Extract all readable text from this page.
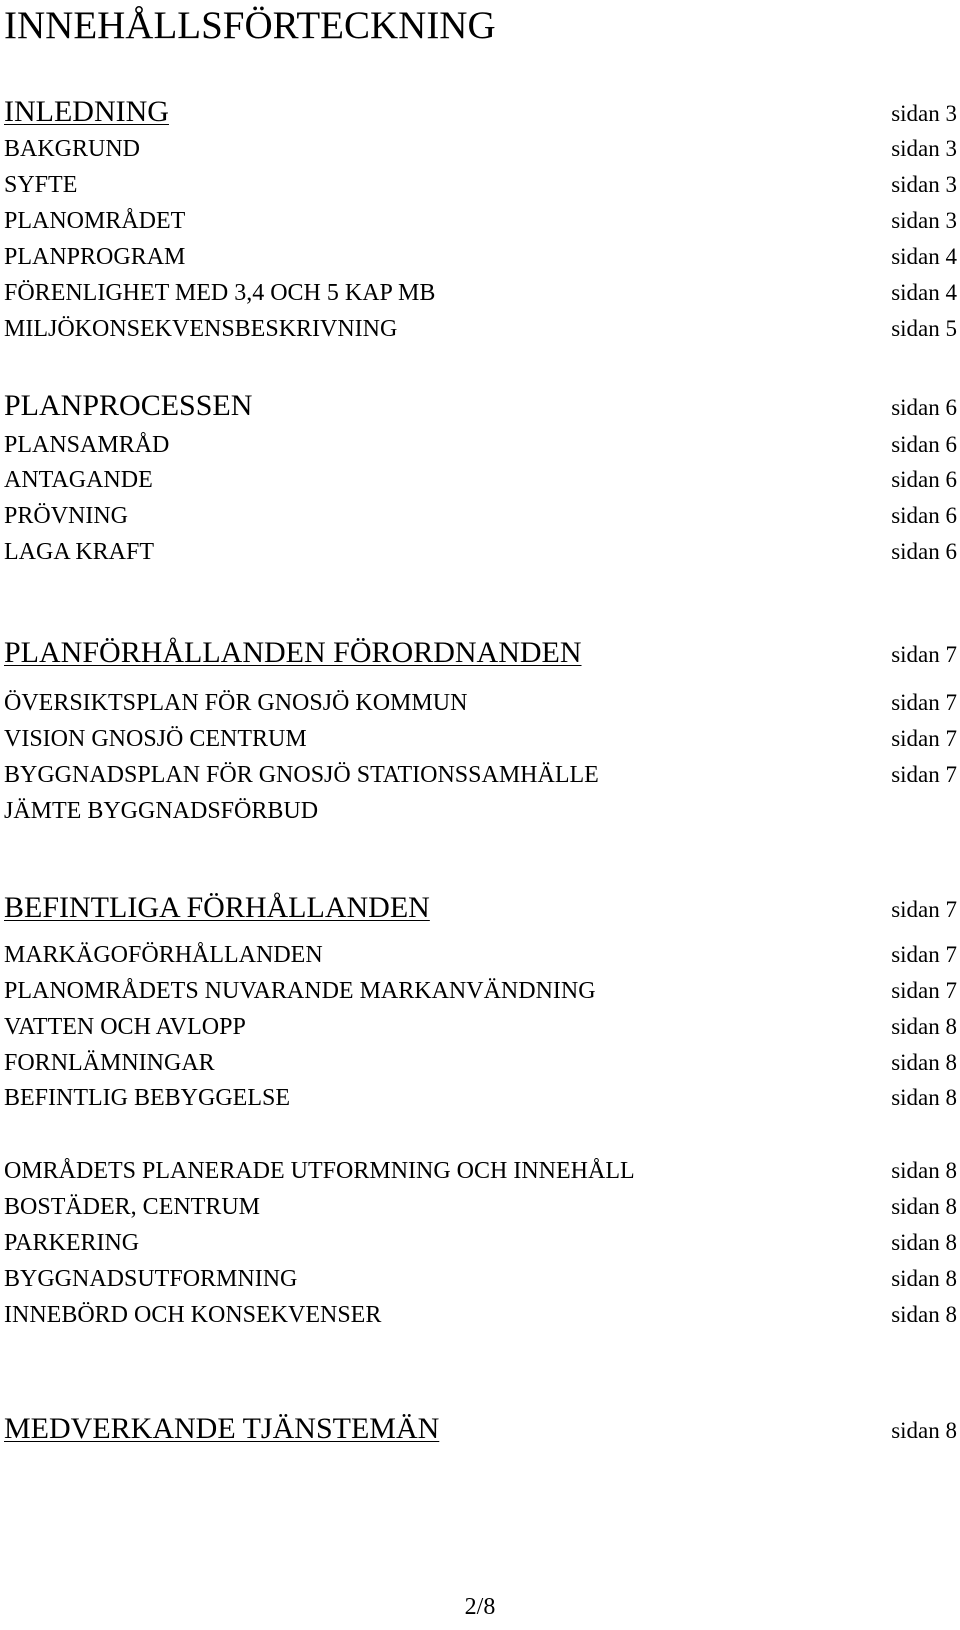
INNEHÅLLSFÖRTECKNING
INLEDNING	sidan 3
BAKGRUND	sidan 3
SYFTE	sidan 3
PLANOMRÅDET	sidan 3
PLANPROGRAM	sidan 4
FÖRENLIGHET MED 3,4 OCH 5 KAP MB	sidan 4
MILJÖKONSEKVENSBESKRIVNING	sidan 5
PLANPROCESSEN	sidan 6
PLANSAMRÅD	sidan 6
ANTAGANDE	sidan 6
PRÖVNING	sidan 6
LAGA KRAFT	sidan 6
PLANFÖRHÅLLANDEN FÖRORDNANDEN	sidan 7
ÖVERSIKTSPLAN FÖR GNOSJÖ KOMMUN	sidan 7
VISION GNOSJÖ CENTRUM	sidan 7
BYGGNADSPLAN FÖR GNOSJÖ STATIONSSAMHÄLLE	sidan 7
JÄMTE BYGGNADSFÖRBUD
BEFINTLIGA FÖRHÅLLANDEN	sidan 7
MARKÄGOFÖRHÅLLANDEN	sidan 7
PLANOMRÅDETS NUVARANDE MARKANVÄNDNING	sidan 7
VATTEN OCH AVLOPP	sidan 8
FORNLÄMNINGAR	sidan 8
BEFINTLIG BEBYGGELSE	sidan 8
OMRÅDETS PLANERADE UTFORMNING OCH INNEHÅLL	sidan 8
BOSTÄDER, CENTRUM	sidan 8
PARKERING	sidan 8
BYGGNADSUTFORMNING	sidan 8
INNEBÖRD OCH KONSEKVENSER	sidan 8
MEDVERKANDE TJÄNSTEMÄN	sidan 8
2/8
